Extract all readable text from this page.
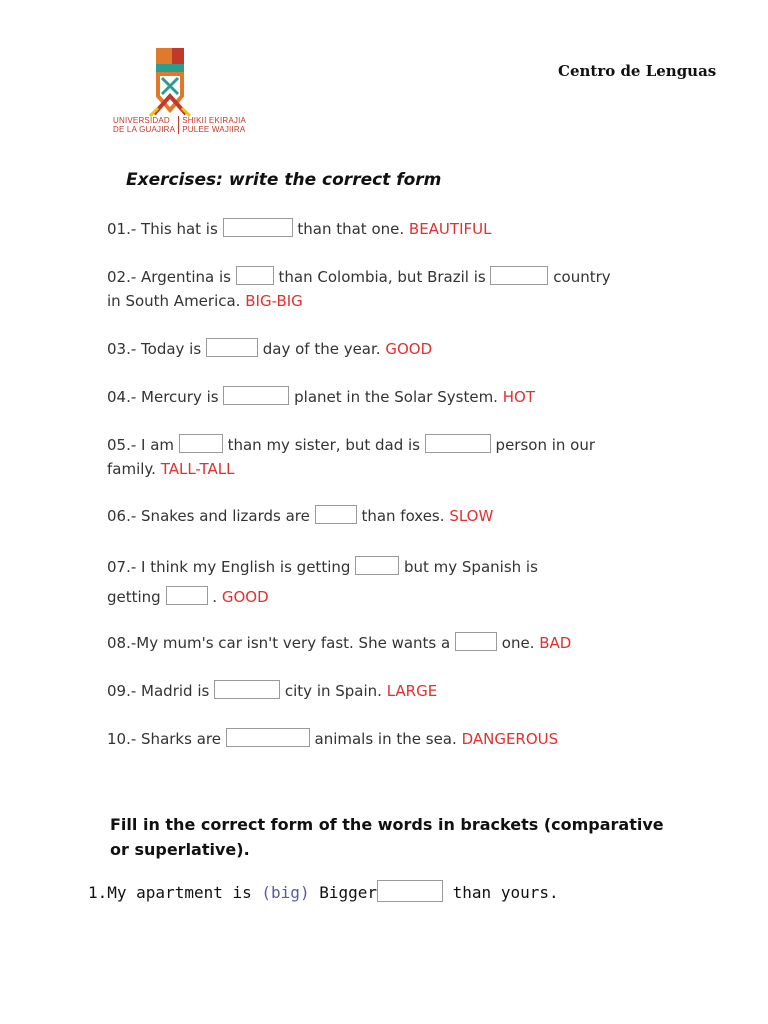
UNIVERSIDAD
DE LA GUAJIRASHIKII EKIRAJIA
PULEE WAJIIRA
Centro de Lenguas
Exercises: write the correct form
01.- This hat is	than that one. BEAUTIFUL
02.- Argentina is	than Colombia, but Brazil is	country
in South America. BIG-BIG
03.- Today is	day of the year. GOOD
04.- Mercury is	planet in the Solar System. HOT
05.- I am	than my sister, but dad is	person in our
family. TALL-TALL
06.- Snakes and lizards are	than foxes. SLOW
07.- I think my English is getting	but my Spanish is
getting	. GOOD
08.-My mum's car isn't very fast. She wants a	one. BAD
09.- Madrid is	city in Spain. LARGE
10.- Sharks are	animals in the sea. DANGEROUS
Fill in the correct form of the words in brackets (comparative or superlative).
1.My apartment is (big) Bigger	than yours.
